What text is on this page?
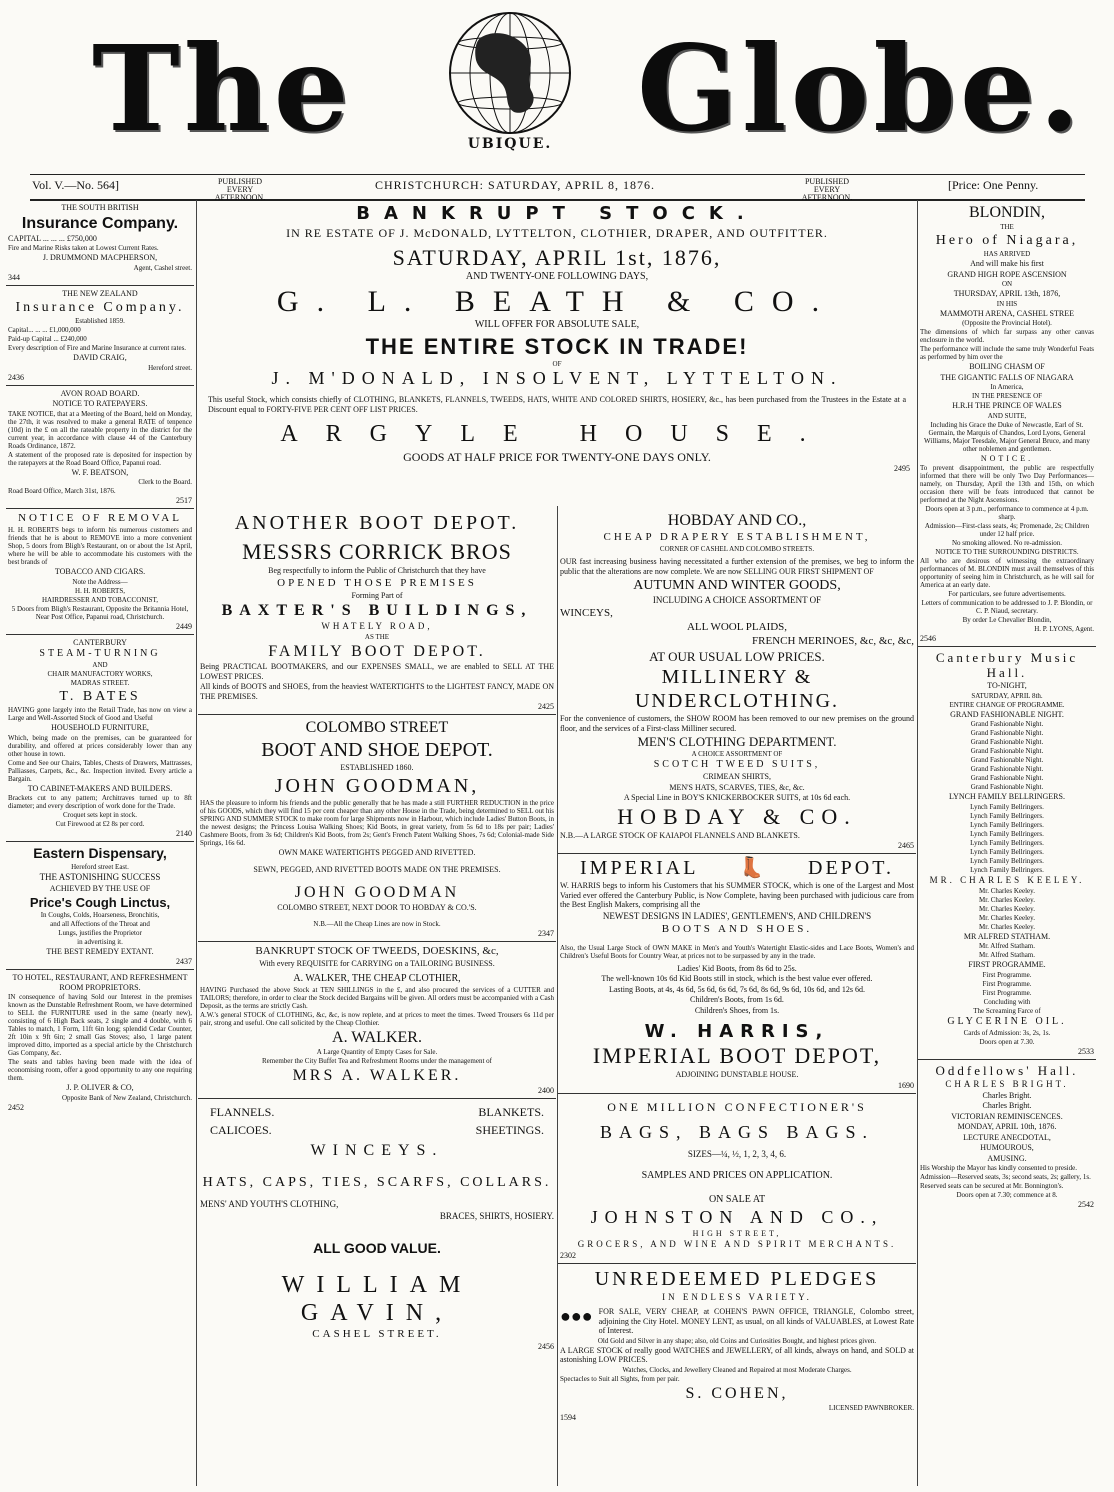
The	UBIQUE. Globe.
Vol. V.—No. 564]	PUBLISHED EVERY AFTERNOON.
CHRISTCHURCH: SATURDAY, APRIL 8, 1876.	PUBLISHED EVERY AFTERNOON.
[Price: One Penny.

THE SOUTH BRITISH

Insurance Company.

CAPITAL ... ... ... £750,000

Fire and Marine Risks taken at Lowest Current Rates.

J. DRUMMOND MACPHERSON,

Agent, Cashel street.

344

THE NEW ZEALAND

Insurance Company.

Established 1859.

Capital... ... ... £1,000,000

Paid-up Capital ... £240,000

Every description of Fire and Marine Insurance at current rates.

DAVID CRAIG,

Hereford street.

2436

AVON ROAD BOARD.

NOTICE TO RATEPAYERS.

TAKE NOTICE, that at a Meeting of the Board, held on Monday, the 27th, it was resolved to make a general RATE of tenpence (10d) in the £ on all the rateable property in the district for the current year, in accordance with clause 44 of the Canterbury Roads Ordinance, 1872.

A statement of the proposed rate is deposited for inspection by the ratepayers at the Road Board Office, Papanui road.

W. F. BEATSON,

Clerk to the Board.

Road Board Office, March 31st, 1876.

2517

NOTICE OF REMOVAL

H. H. ROBERTS begs to inform his numerous customers and friends that he is about to REMOVE into a more convenient Shop, 5 doors from Bligh's Restaurant, on or about the 1st April, where he will be able to accommodate his customers with the best brands of

TOBACCO AND CIGARS.

Note the Address—

H. H. ROBERTS,

HAIRDRESSER AND TOBACCONIST,

5 Doors from Bligh's Restaurant, Opposite the Britannia Hotel, Near Post Office, Papanui road, Christchurch.

2449

CANTERBURY

STEAM-TURNING

AND

CHAIR MANUFACTORY WORKS,

MADRAS STREET.

T. BATES

HAVING gone largely into the Retail Trade, has now on view a Large and Well-Assorted Stock of Good and Useful

HOUSEHOLD FURNITURE,

Which, being made on the premises, can be guaranteed for durability, and offered at prices considerably lower than any other house in town.

Come and See our Chairs, Tables, Chests of Drawers, Mattrasses, Palliasses, Carpets, &c., &c. Inspection invited. Every article a Bargain.

TO CABINET-MAKERS AND BUILDERS.

Brackets cut to any pattern; Architraves turned up to 8ft diameter; and every description of work done for the Trade.

Croquet sets kept in stock.

Cut Firewood at £2 8s per cord.

2140

Eastern Dispensary,

Hereford street East.

THE ASTONISHING SUCCESS

ACHIEVED BY THE USE OF

Price's Cough Linctus,

In Coughs, Colds, Hoarseness, Bronchitis,

and all Affections of the Throat and

Lungs, justifies the Proprietor

in advertising it.

THE BEST REMEDY EXTANT.

2437

TO HOTEL, RESTAURANT, AND REFRESHMENT ROOM PROPRIETORS.

IN consequence of having Sold our Interest in the premises known as the Dunstable Refreshment Room, we have determined to SELL the FURNITURE used in the same (nearly new), consisting of 6 High Back seats, 2 single and 4 double, with 6 Tables to match, 1 Form, 11ft 6in long; splendid Cedar Counter, 2ft 10in x 9ft 6in; 2 small Gas Stoves; also, 1 large patent improved ditto, imported as a special article by the Christchurch Gas Company, &c.

The seats and tables having been made with the idea of economising room, offer a good opportunity to any one requiring them.

J. P. OLIVER & CO,

Opposite Bank of New Zealand, Christchurch.

2452

BANKRUPT STOCK.

IN RE ESTATE OF J. McDONALD, LYTTELTON, CLOTHIER, DRAPER, AND OUTFITTER.

SATURDAY, APRIL 1st, 1876,

AND TWENTY-ONE FOLLOWING DAYS,

G. L. BEATH & CO.

WILL OFFER FOR ABSOLUTE SALE,

THE ENTIRE STOCK IN TRADE!

OF

J. M'DONALD, INSOLVENT, LYTTELTON.

This useful Stock, which consists chiefly of CLOTHING, BLANKETS, FLANNELS, TWEEDS, HATS, WHITE AND COLORED SHIRTS, HOSIERY, &c., has been purchased from the Trustees in the Estate at a Discount equal to FORTY-FIVE PER CENT OFF LIST PRICES.

ARGYLE HOUSE.

GOODS AT HALF PRICE FOR TWENTY-ONE DAYS ONLY.

2495

ANOTHER BOOT DEPOT.

MESSRS CORRICK BROS

Beg respectfully to inform the Public of Christchurch that they have

OPENED THOSE PREMISES

Forming Part of

BAXTER'S BUILDINGS,

WHATELY ROAD,

AS THE

FAMILY BOOT DEPOT.

Being PRACTICAL BOOTMAKERS, and our EXPENSES SMALL, we are enabled to SELL AT THE LOWEST PRICES.

All kinds of BOOTS and SHOES, from the heaviest WATERTIGHTS to the LIGHTEST FANCY, MADE ON THE PREMISES.

2425

COLOMBO STREET

BOOT AND SHOE DEPOT.

ESTABLISHED 1860.

JOHN GOODMAN,

HAS the pleasure to inform his friends and the public generally that he has made a still FURTHER REDUCTION in the price of his GOODS, which they will find 15 per cent cheaper than any other House in the Trade, being determined to SELL out his SPRING AND SUMMER STOCK to make room for large Shipments now in Harbour, which include Ladies' Button Boots, in the newest designs; the Princess Louisa Walking Shoes; Kid Boots, in great variety, from 5s 6d to 18s per pair; Ladies' Cashmere Boots, from 3s 6d; Children's Kid Boots, from 2s; Gent's French Patent Walking Shoes, 7s 6d; Colonial-made Side Springs, 16s 6d.

OWN MAKE WATERTIGHTS PEGGED AND RIVETTED.

SEWN, PEGGED, AND RIVETTED BOOTS MADE ON THE PREMISES.

JOHN GOODMAN

COLOMBO STREET, NEXT DOOR TO HOBDAY & CO.'S.

N.B.—All the Cheap Lines are now in Stock.

2347

BANKRUPT STOCK OF TWEEDS, DOESKINS, &c,

With every REQUISITE for CARRYING on a TAILORING BUSINESS.

A. WALKER, THE CHEAP CLOTHIER,

HAVING Purchased the above Stock at TEN SHILLINGS in the £, and also procured the services of a CUTTER and TAILORS; therefore, in order to clear the Stock decided Bargains will be given. All orders must be accompanied with a Cash Deposit, as the terms are strictly Cash.

A.W.'s general STOCK of CLOTHING, &c, &c, is now replete, and at prices to meet the times. Tweed Trousers 6s 11d per pair, strong and useful. One call solicited by the Cheap Clothier.

A. WALKER.

A Large Quantity of Empty Cases for Sale.

Remember the City Buffet Tea and Refreshment Rooms under the management of

MRS A. WALKER.

2400
FLANNELS.	BLANKETS.
CALICOES.	SHEETINGS.

WINCEYS.

HATS, CAPS, TIES, SCARFS, COLLARS.

MENS' AND YOUTH'S CLOTHING,

BRACES, SHIRTS, HOSIERY.

ALL GOOD VALUE.

WILLIAM GAVIN,

CASHEL STREET.

2456

HOBDAY AND CO.,

CHEAP DRAPERY ESTABLISHMENT,

CORNER OF CASHEL AND COLOMBO STREETS.

OUR fast increasing business having necessitated a further extension of the premises, we beg to inform the public that the alterations are now complete. We are now SELLING OUR FIRST SHIPMENT OF

AUTUMN AND WINTER GOODS,

INCLUDING A CHOICE ASSORTMENT OF

WINCEYS,

ALL WOOL PLAIDS,

FRENCH MERINOES, &c, &c, &c,

AT OUR USUAL LOW PRICES.

MILLINERY & UNDERCLOTHING.

For the convenience of customers, the SHOW ROOM has been removed to our new premises on the ground floor, and the services of a First-class Milliner secured.

MEN'S CLOTHING DEPARTMENT.

A CHOICE ASSORTMENT OF

SCOTCH TWEED SUITS,

CRIMEAN SHIRTS,

MEN'S HATS, SCARVES, TIES, &c, &c.

A Special Line in BOY'S KNICKERBOCKER SUITS, at 10s 6d each.

HOBDAY & CO.

N.B.—A LARGE STOCK OF KAIAPOI FLANNELS AND BLANKETS.

2465
IMPERIAL 👢 DEPOT.

W. HARRIS begs to inform his Customers that his SUMMER STOCK, which is one of the Largest and Most Varied ever offered the Canterbury Public, is Now Complete, having been purchased with judicious care from the Best English Makers, comprising all the

NEWEST DESIGNS IN LADIES', GENTLEMEN'S, AND CHILDREN'S

BOOTS AND SHOES.

Also, the Usual Large Stock of OWN MAKE in Men's and Youth's Watertight Elastic-sides and Lace Boots, Women's and Children's Useful Boots for Country Wear, at prices not to be surpassed by any in the trade.

Ladies' Kid Boots, from 8s 6d to 25s.

The well-known 10s 6d Kid Boots still in stock, which is the best value ever offered.

Lasting Boots, at 4s, 4s 6d, 5s 6d, 6s 6d, 7s 6d, 8s 6d, 9s 6d, 10s 6d, and 12s 6d.

Children's Boots, from 1s 6d.

Children's Shoes, from 1s.

W. HARRIS,

IMPERIAL BOOT DEPOT,

ADJOINING DUNSTABLE HOUSE.

1690

ONE MILLION CONFECTIONER'S

BAGS, BAGS BAGS.

SIZES—¼, ½, 1, 2, 3, 4, 6.

SAMPLES AND PRICES ON APPLICATION.

ON SALE AT

JOHNSTON AND CO.,

HIGH STREET,

GROCERS, AND WINE AND SPIRIT MERCHANTS.

2302

UNREDEEMED PLEDGES

IN ENDLESS VARIETY.

●●● FOR SALE, VERY CHEAP, at COHEN'S PAWN OFFICE, TRIANGLE, Colombo street, adjoining the City Hotel. MONEY LENT, as usual, on all kinds of VALUABLES, at Lowest Rate of Interest.

Old Gold and Silver in any shape; also, old Coins and Curiosities Bought, and highest prices given.

A LARGE STOCK of really good WATCHES and JEWELLERY, of all kinds, always on hand, and SOLD at astonishing LOW PRICES.

Watches, Clocks, and Jewellery Cleaned and Repaired at most Moderate Charges.

Spectacles to Suit all Sights, from per pair.

S. COHEN,

LICENSED PAWNBROKER.

1594

BLONDIN,

THE

Hero of Niagara,

HAS ARRIVED

And will make his first

GRAND HIGH ROPE ASCENSION

ON

THURSDAY, APRIL 13th, 1876,

IN HIS

MAMMOTH ARENA, CASHEL STREE

(Opposite the Provincial Hotel).

The dimensions of which far surpass any other canvas enclosure in the world.

The performance will include the same truly Wonderful Feats as performed by him over the

BOILING CHASM OF

THE GIGANTIC FALLS OF NIAGARA

In America,

IN THE PRESENCE OF

H.R.H THE PRINCE OF WALES

AND SUITE,

Including his Grace the Duke of Newcastle, Earl of St. Germain, the Marquis of Chandos, Lord Lyons, General Williams, Major Teesdale, Major General Bruce, and many other noblemen and gentlemen.

NOTICE.

To prevent disappointment, the public are respectfully informed that there will be only Two Day Performances—namely, on Thursday, April the 13th and 15th, on which occasion there will be feats introduced that cannot be performed at the Night Ascensions.

Doors open at 3 p.m., performance to commence at 4 p.m. sharp.

Admission—First-class seats, 4s; Promenade, 2s; Children under 12 half price.

No smoking allowed. No re-admission.

NOTICE TO THE SURROUNDING DISTRICTS.

All who are desirous of witnessing the extraordinary performances of M. BLONDIN must avail themselves of this opportunity of seeing him in Christchurch, as he will sail for America at an early date.

For particulars, see future advertisements.

Letters of communication to be addressed to J. P. Blondin, or C. P. Niaud, secretary.

By order Le Chevalier Blondin,

H. P. LYONS, Agent.

2546

Canterbury Music Hall.

TO-NIGHT,

SATURDAY, APRIL 8th.

ENTIRE CHANGE OF PROGRAMME.

GRAND FASHIONABLE NIGHT.

Grand Fashionable Night.

Grand Fashionable Night.

Grand Fashionable Night.

Grand Fashionable Night.

Grand Fashionable Night.

Grand Fashionable Night.

Grand Fashionable Night.

Grand Fashionable Night.

LYNCH FAMILY BELLRINGERS.

Lynch Family Bellringers.

Lynch Family Bellringers.

Lynch Family Bellringers.

Lynch Family Bellringers.

Lynch Family Bellringers.

Lynch Family Bellringers.

Lynch Family Bellringers.

Lynch Family Bellringers.

MR. CHARLES KEELEY.

Mr. Charles Keeley.

Mr. Charles Keeley.

Mr. Charles Keeley.

Mr. Charles Keeley.

Mr. Charles Keeley.

MR ALFRED STATHAM.

Mr. Alfred Statham.

Mr. Alfred Statham.

FIRST PROGRAMME.

First Programme.

First Programme.

First Programme.

Concluding with

The Screaming Farce of

GLYCERINE OIL.

Cards of Admission: 3s, 2s, 1s.

Doors open at 7.30.

2533

Oddfellows' Hall.

CHARLES BRIGHT.

Charles Bright.

Charles Bright.

VICTORIAN REMINISCENCES.

MONDAY, APRIL 10th, 1876.

LECTURE ANECDOTAL,

HUMOUROUS,

AMUSING.

His Worship the Mayor has kindly consented to preside.

Admission—Reserved seats, 3s; second seats, 2s; gallery, 1s.

Reserved seats can be secured at Mr. Bonnington's.

Doors open at 7.30; commence at 8.

2542
